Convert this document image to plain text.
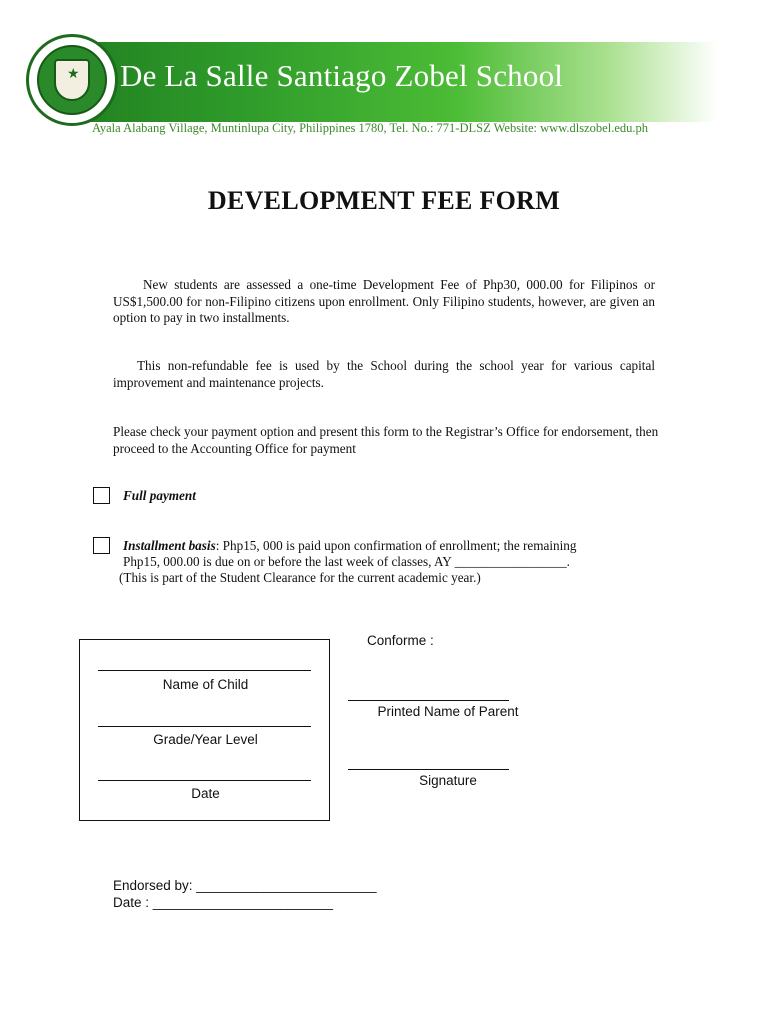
★ De La Salle Santiago Zobel School
Ayala Alabang Village, Muntinlupa City, Philippines 1780, Tel. No.: 771-DLSZ Website: www.dlszobel.edu.ph
DEVELOPMENT FEE FORM
New students are assessed a one-time Development Fee of Php30, 000.00 for Filipinos or US$1,500.00 for non-Filipino citizens upon enrollment. Only Filipino students, however, are given an option to pay in two installments.
This non-refundable fee is used by the School during the school year for various capital improvement and maintenance projects.
Please check your payment option and present this form to the Registrar’s Office for endorsement, then proceed to the Accounting Office for payment
Full payment
Installment basis: Php15, 000 is paid upon confirmation of enrollment; the remaining
Php15, 000.00 is due on or before the last week of classes, AY _________________.
(This is part of the Student Clearance for the current academic year.)
Name of Child
Grade/Year Level
Date
Conforme :
Printed Name of Parent
Signature
Endorsed by: ________________________
Date : ________________________
